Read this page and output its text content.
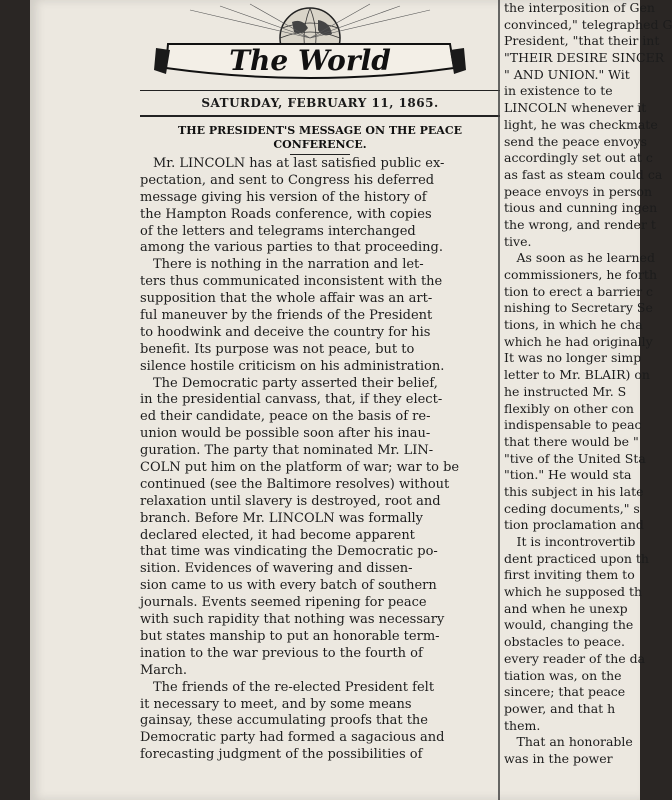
The World
SATURDAY, FEBRUARY 11, 1865.
THE PRESIDENT'S MESSAGE ON THE PEACE
CONFERENCE.
 Mr. LINCOLN has at last satisfied public ex-
pectation, and sent to Congress his deferred
message giving his version of the history of
the Hampton Roads conference, with copies
of the letters and telegrams interchanged
among the various parties to that proceeding.
 There is nothing in the narration and let-
ters thus communicated inconsistent with the
supposition that the whole affair was an art-
ful maneuver by the friends of the President
to hoodwink and deceive the country for his
benefit. Its purpose was not peace, but to
silence hostile criticism on his administration.
 The Democratic party asserted their belief,
in the presidential canvass, that, if they elect-
ed their candidate, peace on the basis of re-
union would be possible soon after his inau-
guration. The party that nominated Mr. LIN-
COLN put him on the platform of war; war to be
continued (see the Baltimore resolves) without
relaxation until slavery is destroyed, root and
branch. Before Mr. LINCOLN was formally
declared elected, it had become apparent
that time was vindicating the Democratic po-
sition. Evidences of wavering and dissen-
sion came to us with every batch of southern
journals. Events seemed ripening for peace
with such rapidity that nothing was necessary
but states manship to put an honorable term-
ination to the war previous to the fourth of
March.
 The friends of the re-elected President felt
it necessary to meet, and by some means
gainsay, these accumulating proofs that the
Democratic party had formed a sagacious and
forecasting judgment of the possibilities of
the interposition of Gen
convinced," telegraphed G
President, "that their int
"THEIR DESIRE SINCER
" AND UNION." Wit
in existence to te
LINCOLN whenever it
light, he was checkmate
send the peace envoys
accordingly set out at c
as fast as steam could ca
peace envoys in person
tious and cunning ingen
the wrong, and render t
tive.
 As soon as he learned
commissioners, he forth
tion to erect a barrier c
nishing to Secretary Se
tions, in which he cha
which he had originally
It was no longer simp
letter to Mr. BLAIR) on
he instructed Mr. S
flexibly on other con
indispensable to peac
that there would be "
"tive of the United Sta
"tion." He would sta
this subject in his late
ceding documents," s
tion proclamation and
 It is incontrovertib
dent practiced upon th
first inviting them to
which he supposed th
and when he unexp
would, changing the
obstacles to peace.
every reader of the da
tiation was, on the
sincere; that peace
power, and that h
them.
 That an honorable
was in the power
